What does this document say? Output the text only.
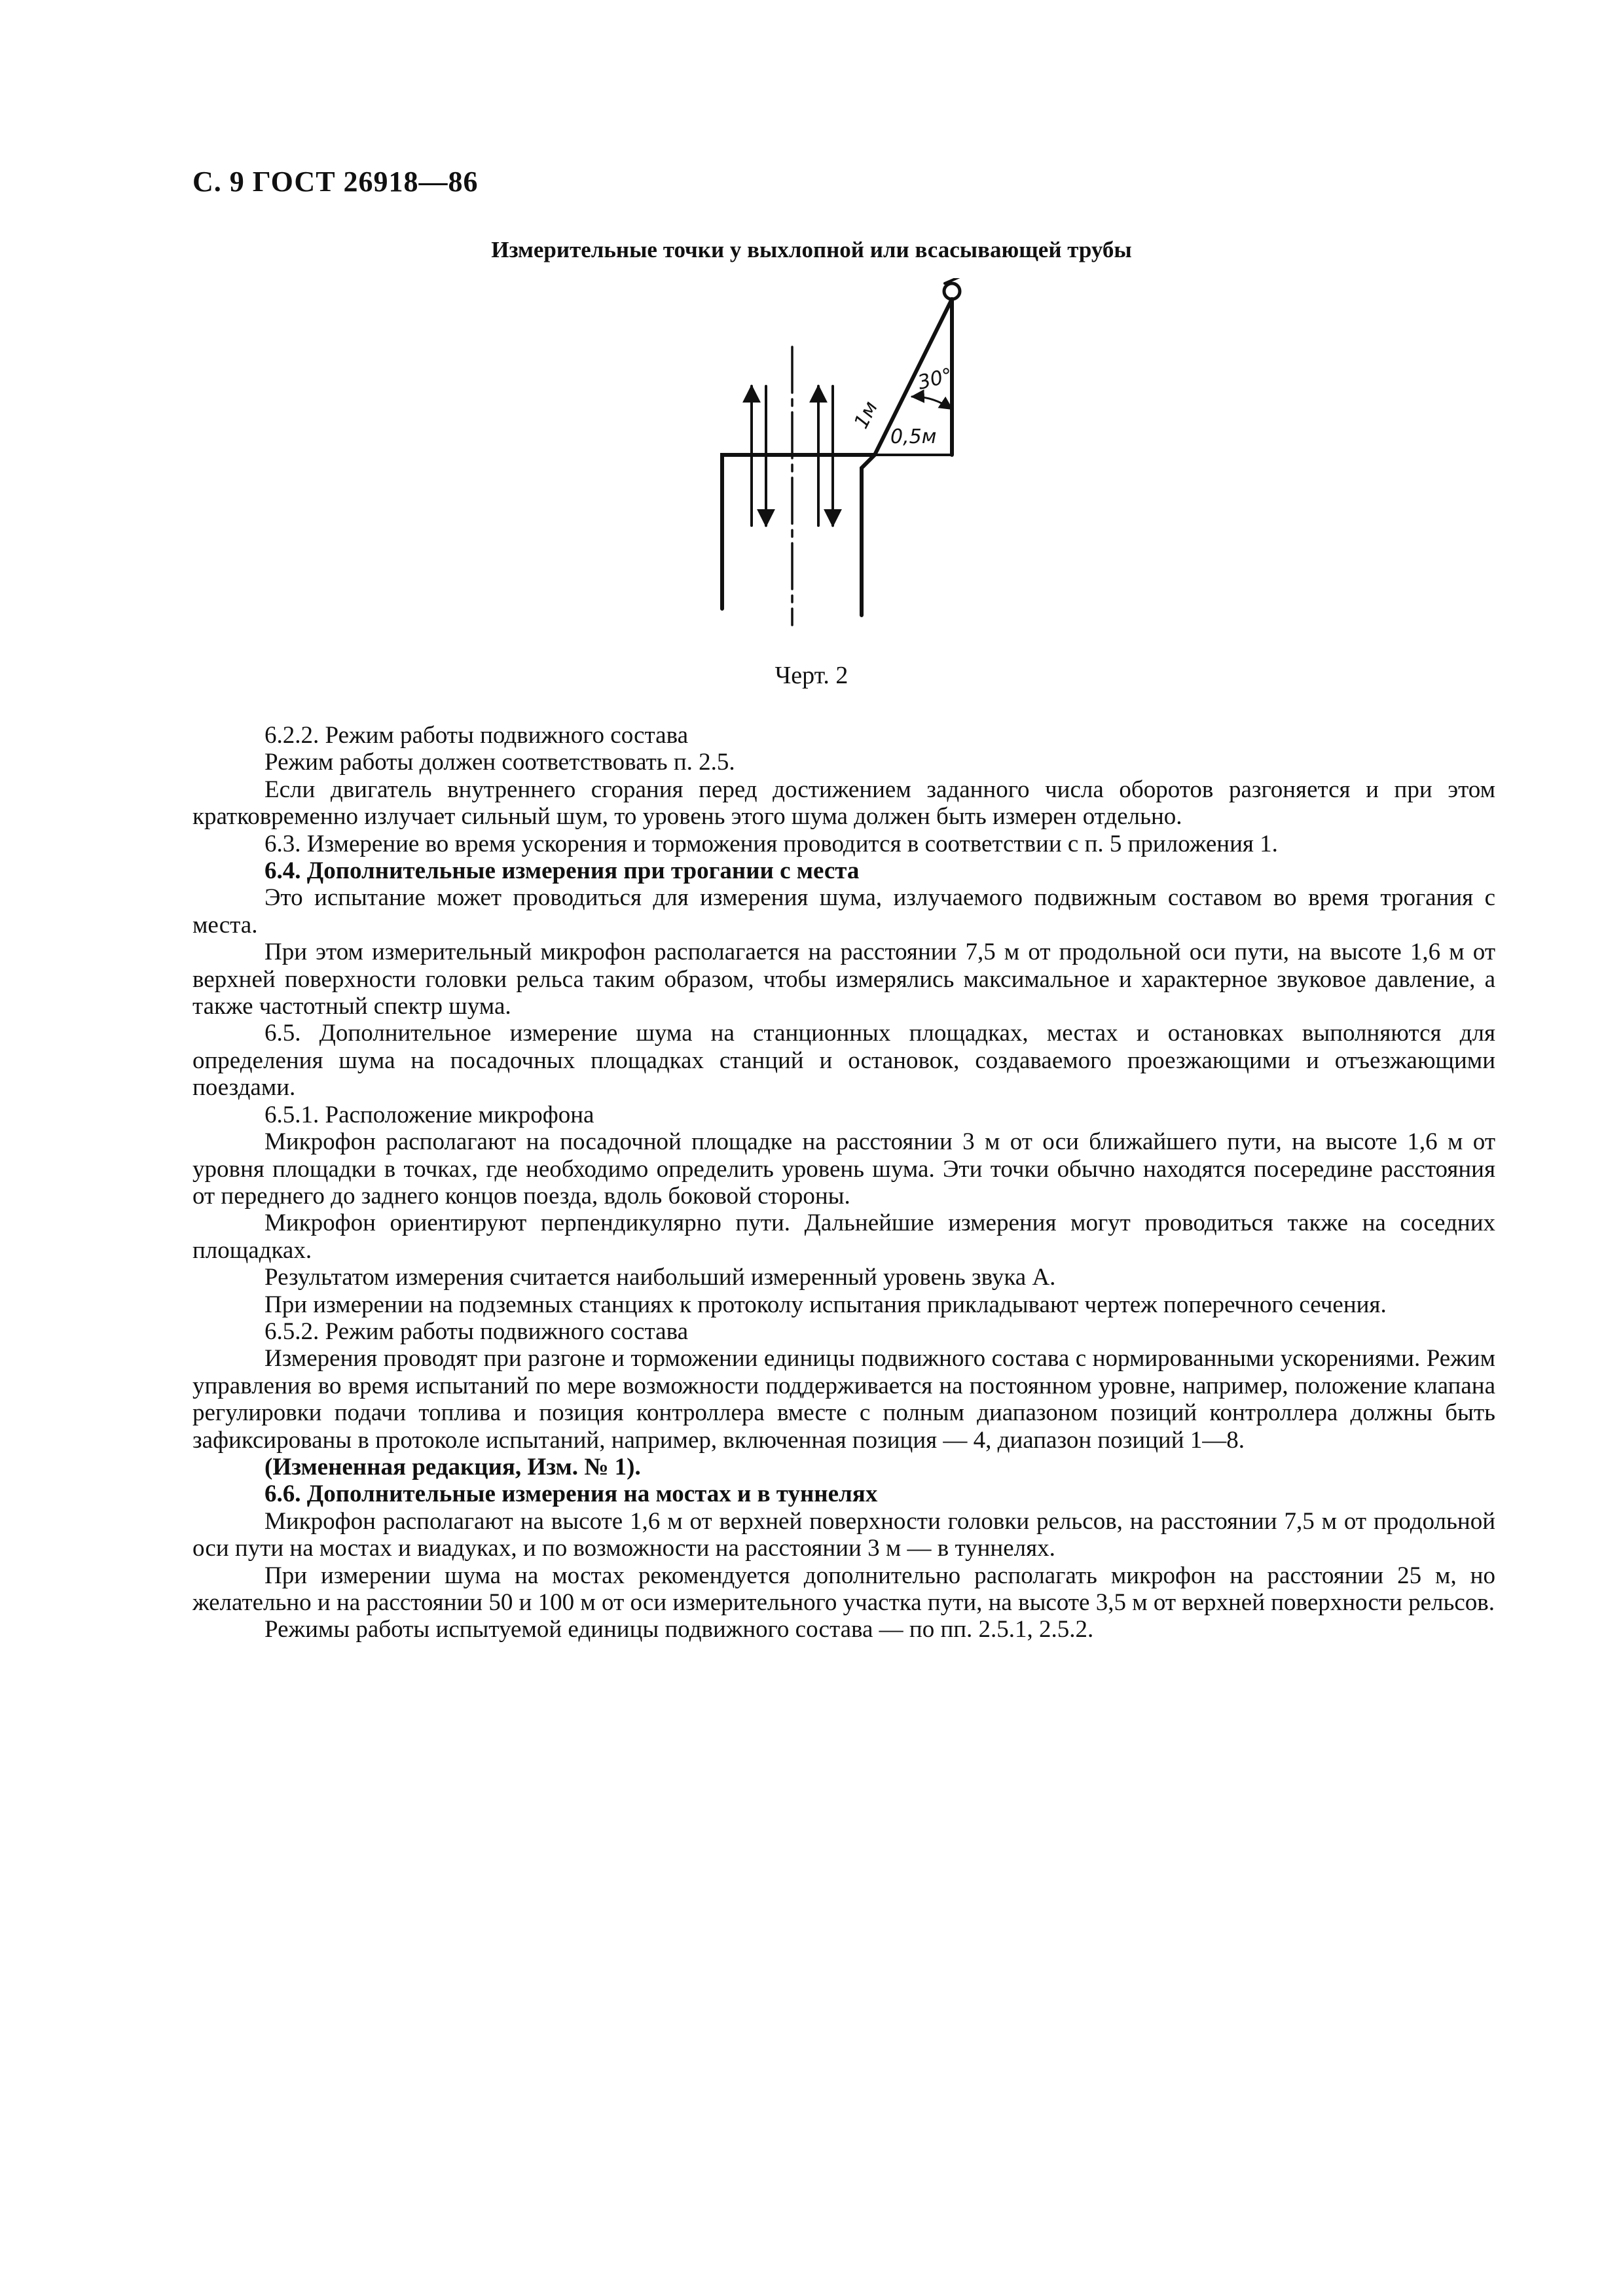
С. 9 ГОСТ 26918—86
Измерительные точки у выхлопной или всасывающей трубы
30°
1м
0,5м
Черт. 2

6.2.2. Режим работы подвижного состава

Режим работы должен соответствовать п. 2.5.

Если двигатель внутреннего сгорания перед достижением заданного числа оборотов разгоняется и при этом кратковременно излучает сильный шум, то уровень этого шума должен быть измерен отдельно.

6.3. Измерение во время ускорения и торможения проводится в соответствии с п. 5 приложения 1.

6.4. Дополнительные измерения при трогании с места

Это испытание может проводиться для измерения шума, излучаемого подвижным составом во время трогания с места.

При этом измерительный микрофон располагается на расстоянии 7,5 м от продольной оси пути, на высоте 1,6 м от верхней поверхности головки рельса таким образом, чтобы измерялись максимальное и характерное звуковое давление, а также частотный спектр шума.

6.5. Дополнительное измерение шума на станционных площадках, местах и остановках выполняются для определения шума на посадочных площадках станций и остановок, создаваемого проезжающими и отъезжающими поездами.

6.5.1. Расположение микрофона

Микрофон располагают на посадочной площадке на расстоянии 3 м от оси ближайшего пути, на высоте 1,6 м от уровня площадки в точках, где необходимо определить уровень шума. Эти точки обычно находятся посередине расстояния от переднего до заднего концов поезда, вдоль боковой стороны.

Микрофон ориентируют перпендикулярно пути. Дальнейшие измерения могут проводиться также на соседних площадках.

Результатом измерения считается наибольший измеренный уровень звука А.

При измерении на подземных станциях к протоколу испытания прикладывают чертеж поперечного сечения.

6.5.2. Режим работы подвижного состава

Измерения проводят при разгоне и торможении единицы подвижного состава с нормированными ускорениями. Режим управления во время испытаний по мере возможности поддерживается на постоянном уровне, например, положение клапана регулировки подачи топлива и позиция контроллера вместе с полным диапазоном позиций контроллера должны быть зафиксированы в протоколе испытаний, например, включенная позиция — 4, диапазон позиций 1—8.

(Измененная редакция, Изм. № 1).

6.6. Дополнительные измерения на мостах и в туннелях

Микрофон располагают на высоте 1,6 м от верхней поверхности головки рельсов, на расстоянии 7,5 м от продольной оси пути на мостах и виадуках, и по возможности на расстоянии 3 м — в туннелях.

При измерении шума на мостах рекомендуется дополнительно располагать микрофон на расстоянии 25 м, но желательно и на расстоянии 50 и 100 м от оси измерительного участка пути, на высоте 3,5 м от верхней поверхности рельсов.

Режимы работы испытуемой единицы подвижного состава — по пп. 2.5.1, 2.5.2.
